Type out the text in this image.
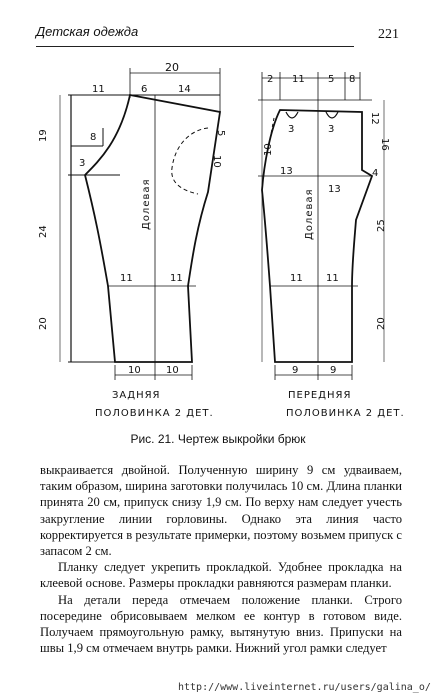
Детская одежда	221
20
11	6	14
19	8
3
5
10
24
11	11
20
10	10
Долевая
ЗАДНЯЯ
ПОЛОВИНКА 2 ДЕТ.
2 11 5 8
3	3
10
12
16
13	4
13
25
11 11
20
9	9
Долевая
ПЕРЕДНЯЯ
ПОЛОВИНКА 2 ДЕТ.
Рис. 21. Чертеж выкройки брюк

выкраивается двойной. Полученную ширину 9 см удваиваем, таким образом, ширина заготовки получилась 10 см. Длина планки принята 20 см, припуск снизу 1,9 см. По верху нам следует учесть закругление линии горловины. Однако эта линия часто корректируется в результате примерки, поэтому возьмем припуск с запасом 2 см.

Планку следует укрепить прокладкой. Удобнее прокладка на клеевой основе. Размеры прокладки равняются размерам планки.

На детали переда отмечаем положение планки. Строго посередине обрисовываем мелком ее контур в готовом виде. Получаем прямоугольную рамку, вытянутую вниз. Припуски на швы 1,9 см отмечаем внутрь рамки. Нижний угол рамки следует

http://www.liveinternet.ru/users/galina_o/
